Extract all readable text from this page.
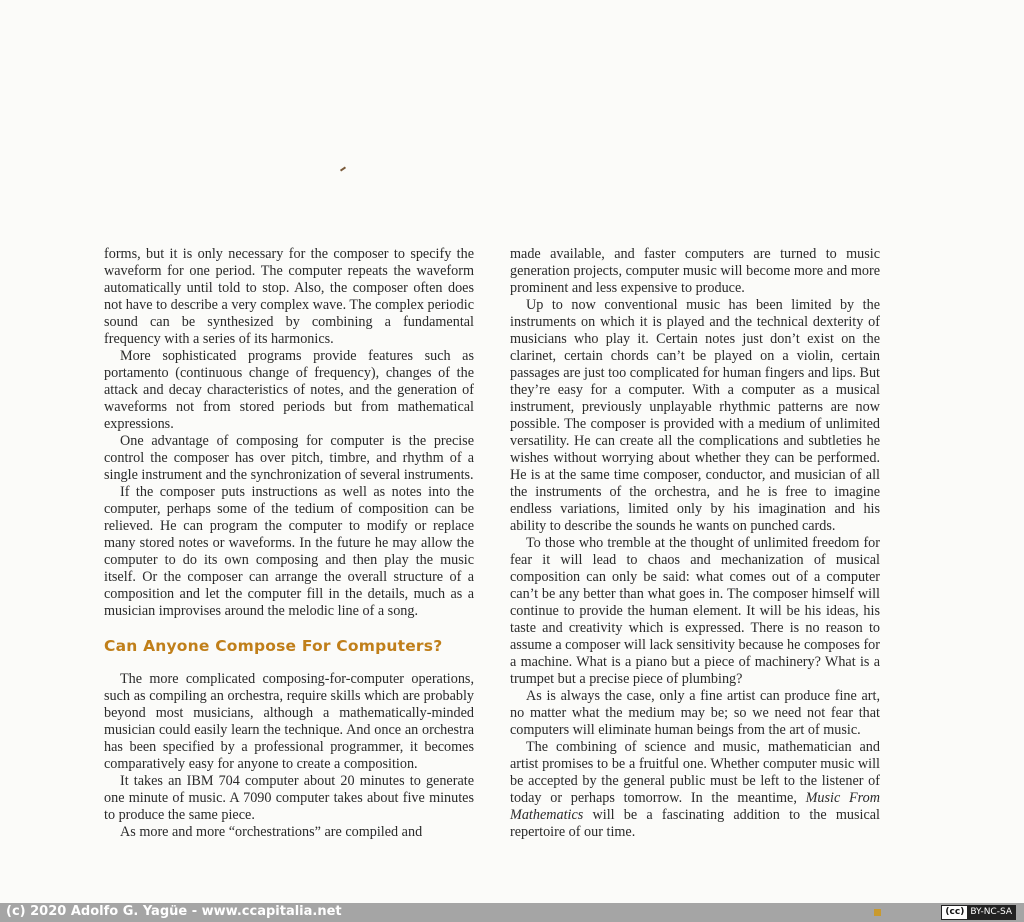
forms, but it is only necessary for the composer to specify the waveform for one period. The computer repeats the waveform automatically until told to stop. Also, the composer often does not have to describe a very complex wave. The complex periodic sound can be synthesized by combining a fundamental frequency with a series of its harmonics.

More sophisticated programs provide features such as portamento (continuous change of frequency), changes of the attack and decay characteristics of notes, and the generation of waveforms not from stored periods but from mathematical expressions.

One advantage of composing for computer is the precise control the composer has over pitch, timbre, and rhythm of a single instrument and the synchronization of several instruments.

If the composer puts instructions as well as notes into the computer, perhaps some of the tedium of composition can be relieved. He can program the computer to modify or replace many stored notes or waveforms. In the future he may allow the computer to do its own composing and then play the music itself. Or the composer can arrange the overall structure of a composition and let the computer fill in the details, much as a musician improvises around the melodic line of a song.

Can Anyone Compose For Computers?

The more complicated composing-for-computer operations, such as compiling an orchestra, require skills which are probably beyond most musicians, although a mathematically-minded musician could easily learn the technique. And once an orchestra has been specified by a professional programmer, it becomes comparatively easy for anyone to create a composition.

It takes an IBM 704 computer about 20 minutes to generate one minute of music. A 7090 computer takes about five minutes to produce the same piece.

As more and more “orchestrations” are compiled and

made available, and faster computers are turned to music generation projects, computer music will become more and more prominent and less expensive to produce.

Up to now conventional music has been limited by the instruments on which it is played and the technical dexterity of musicians who play it. Certain notes just don’t exist on the clarinet, certain chords can’t be played on a violin, certain passages are just too complicated for human fingers and lips. But they’re easy for a computer. With a computer as a musical instrument, previously unplayable rhythmic patterns are now possible. The composer is provided with a medium of unlimited versatility. He can create all the complications and subtleties he wishes without worrying about whether they can be performed. He is at the same time composer, conductor, and musician of all the instruments of the orchestra, and he is free to imagine endless variations, limited only by his imagination and his ability to describe the sounds he wants on punched cards.

To those who tremble at the thought of unlimited freedom for fear it will lead to chaos and mechanization of musical composition can only be said: what comes out of a computer can’t be any better than what goes in. The composer himself will continue to provide the human element. It will be his ideas, his taste and creativity which is expressed. There is no reason to assume a composer will lack sensitivity because he composes for a machine. What is a piano but a piece of machinery? What is a trumpet but a precise piece of plumbing?

As is always the case, only a fine artist can produce fine art, no matter what the medium may be; so we need not fear that computers will eliminate human beings from the art of music.

The combining of science and music, mathematician and artist promises to be a fruitful one. Whether computer music will be accepted by the general public must be left to the listener of today or perhaps tomorrow. In the meantime, Music From Mathematics will be a fascinating addition to the musical repertoire of our time.

(c) 2020 Adolfo G. Yagüe - www.ccapitalia.net	(cc) BY-NC-SA
